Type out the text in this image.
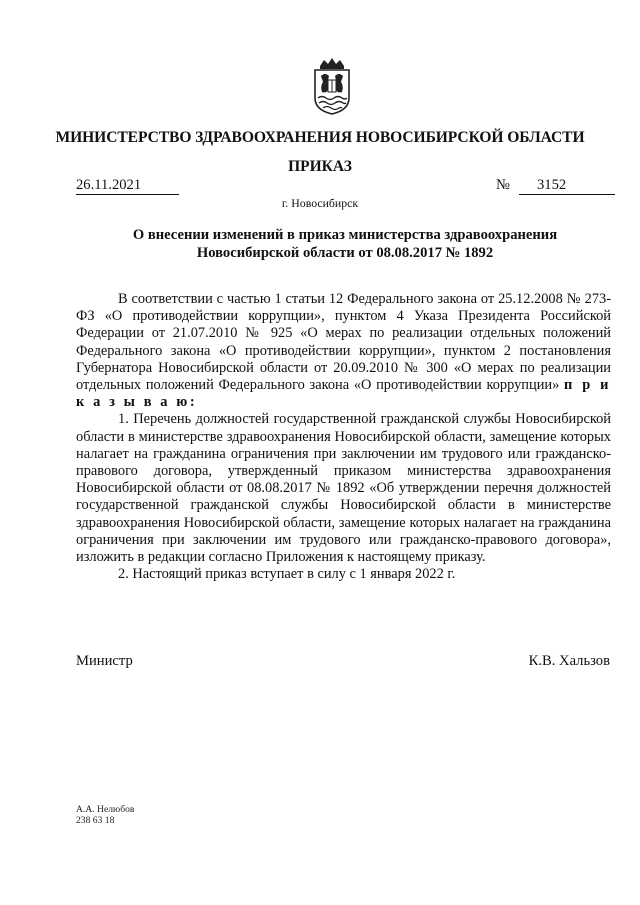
МИНИСТЕРСТВО ЗДРАВООХРАНЕНИЯ НОВОСИБИРСКОЙ ОБЛАСТИ
ПРИКАЗ
26.11.2021	№	3152
г. Новосибирск
О внесении изменений в приказ министерства здравоохранения
Новосибирской области от 08.08.2017 № 1892

В соответствии с частью 1 статьи 12 Федерального закона от 25.12.2008 № 273-ФЗ «О противодействии коррупции», пунктом 4 Указа Президента Российской Федерации от 21.07.2010 № 925 «О мерах по реализации отдельных положений Федерального закона «О противодействии коррупции», пунктом 2 постановления Губернатора Новосибирской области от 20.09.2010 № 300 «О мерах по реализации отдельных положений Федерального закона «О противодействии коррупции» п р и к а з ы в а ю:

1. Перечень должностей государственной гражданской службы Новосибирской области в министерстве здравоохранения Новосибирской области, замещение которых налагает на гражданина ограничения при заключении им трудового или гражданско-правового договора, утвержденный приказом министерства здравоохранения Новосибирской области от 08.08.2017 № 1892 «Об утверждении перечня должностей государственной гражданской службы Новосибирской области в министерстве здравоохранения Новосибирской области, замещение которых налагает на гражданина ограничения при заключении им трудового или гражданско-правового договора», изложить в редакции согласно Приложения к настоящему приказу.

2. Настоящий приказ вступает в силу с 1 января 2022 г.

Министр	К.В. Хальзов
А.А. Нелюбов
238 63 18
